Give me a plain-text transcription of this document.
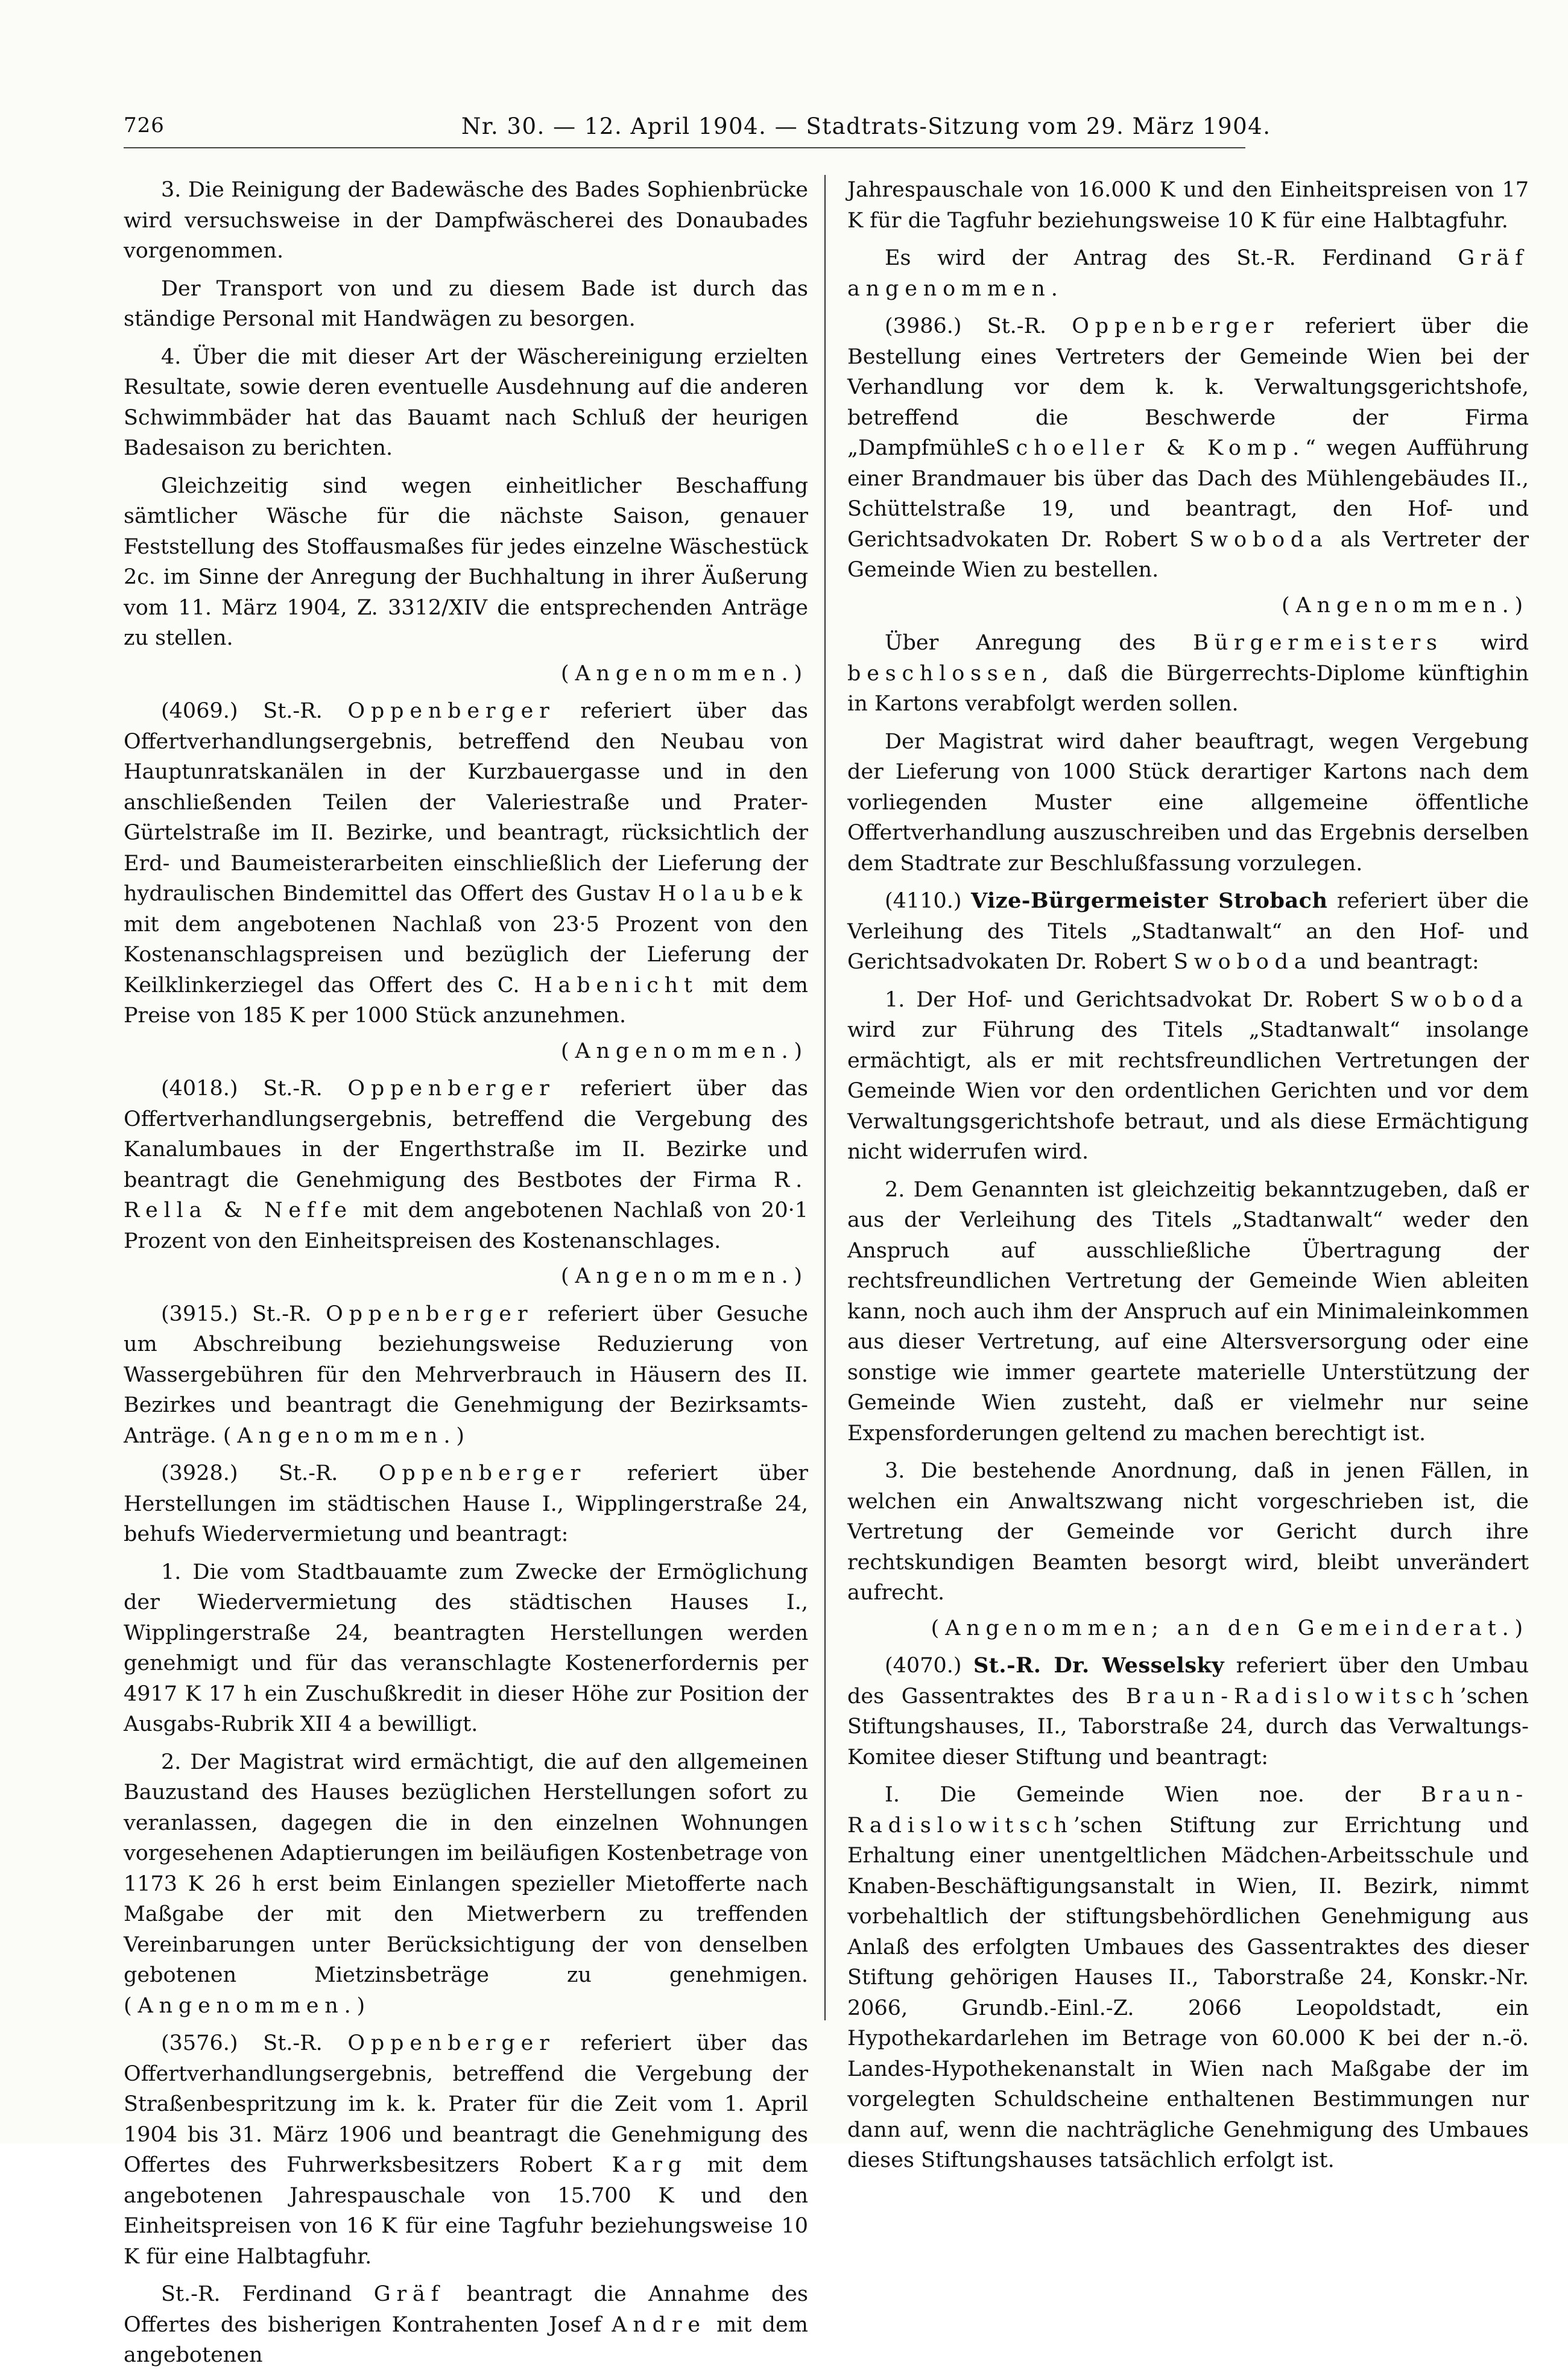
726	Nr. 30. — 12. April 1904. — Stadtrats-Sitzung vom 29. März 1904.

3. Die Reinigung der Badewäsche des Bades Sophienbrücke wird versuchsweise in der Dampfwäscherei des Donaubades vorgenommen.

Der Transport von und zu diesem Bade ist durch das ständige Personal mit Handwägen zu besorgen.

4. Über die mit dieser Art der Wäschereinigung erzielten Resultate, sowie deren eventuelle Ausdehnung auf die anderen Schwimmbäder hat das Bauamt nach Schluß der heurigen Badesaison zu berichten.

Gleichzeitig sind wegen einheitlicher Beschaffung sämtlicher Wäsche für die nächste Saison, genauer Feststellung des Stoffausmaßes für jedes einzelne Wäschestück 2c. im Sinne der Anregung der Buchhaltung in ihrer Äußerung vom 11. März 1904, Z. 3312/XIV die entsprechenden Anträge zu stellen.

(Angenommen.)

(4069.) St.-R. Oppenberger referiert über das Offertverhandlungsergebnis, betreffend den Neubau von Hauptunratskanälen in der Kurzbauergasse und in den anschließenden Teilen der Valeriestraße und Prater-Gürtelstraße im II. Bezirke, und beantragt, rücksichtlich der Erd- und Baumeisterarbeiten einschließlich der Lieferung der hydraulischen Bindemittel das Offert des Gustav Holaubek mit dem angebotenen Nachlaß von 23·5 Prozent von den Kostenanschlagspreisen und bezüglich der Lieferung der Keilklinkerziegel das Offert des C. Habenicht mit dem Preise von 185 K per 1000 Stück anzunehmen.

(Angenommen.)

(4018.) St.-R. Oppenberger referiert über das Offertverhandlungsergebnis, betreffend die Vergebung des Kanalumbaues in der Engerthstraße im II. Bezirke und beantragt die Genehmigung des Bestbotes der Firma R. Rella & Neffe mit dem angebotenen Nachlaß von 20·1 Prozent von den Einheitspreisen des Kostenanschlages.

(Angenommen.)

(3915.) St.-R. Oppenberger referiert über Gesuche um Abschreibung beziehungsweise Reduzierung von Wassergebühren für den Mehrverbrauch in Häusern des II. Bezirkes und beantragt die Genehmigung der Bezirksamts-Anträge. (Angenommen.)

(3928.) St.-R. Oppenberger referiert über Herstellungen im städtischen Hause I., Wipplingerstraße 24, behufs Wiedervermietung und beantragt:

1. Die vom Stadtbauamte zum Zwecke der Ermöglichung der Wiedervermietung des städtischen Hauses I., Wipplingerstraße 24, beantragten Herstellungen werden genehmigt und für das veranschlagte Kostenerfordernis per 4917 K 17 h ein Zuschußkredit in dieser Höhe zur Position der Ausgabs-Rubrik XII 4 a bewilligt.

2. Der Magistrat wird ermächtigt, die auf den allgemeinen Bauzustand des Hauses bezüglichen Herstellungen sofort zu veranlassen, dagegen die in den einzelnen Wohnungen vorgesehenen Adaptierungen im beiläufigen Kostenbetrage von 1173 K 26 h erst beim Einlangen spezieller Mietofferte nach Maßgabe der mit den Mietwerbern zu treffenden Vereinbarungen unter Berücksichtigung der von denselben gebotenen Mietzinsbeträge zu genehmigen. (Angenommen.)

(3576.) St.-R. Oppenberger referiert über das Offertverhandlungsergebnis, betreffend die Vergebung der Straßenbespritzung im k. k. Prater für die Zeit vom 1. April 1904 bis 31. März 1906 und beantragt die Genehmigung des Offertes des Fuhrwerksbesitzers Robert Karg mit dem angebotenen Jahrespauschale von 15.700 K und den Einheitspreisen von 16 K für eine Tagfuhr beziehungsweise 10 K für eine Halbtagfuhr.

St.-R. Ferdinand Gräf beantragt die Annahme des Offertes des bisherigen Kontrahenten Josef Andre mit dem angebotenen

Jahrespauschale von 16.000 K und den Einheitspreisen von 17 K für die Tagfuhr beziehungsweise 10 K für eine Halbtagfuhr.

Es wird der Antrag des St.-R. Ferdinand Gräf angenommen.

(3986.) St.-R. Oppenberger referiert über die Bestellung eines Vertreters der Gemeinde Wien bei der Verhandlung vor dem k. k. Verwaltungsgerichtshofe, betreffend die Beschwerde der Firma „DampfmühleSchoeller & Komp.“ wegen Aufführung einer Brandmauer bis über das Dach des Mühlengebäudes II., Schüttelstraße 19, und beantragt, den Hof- und Gerichtsadvokaten Dr. Robert Swoboda als Vertreter der Gemeinde Wien zu bestellen.

(Angenommen.)

Über Anregung des Bürgermeisters wird beschlossen, daß die Bürgerrechts-Diplome künftighin in Kartons verabfolgt werden sollen.

Der Magistrat wird daher beauftragt, wegen Vergebung der Lieferung von 1000 Stück derartiger Kartons nach dem vorliegenden Muster eine allgemeine öffentliche Offertverhandlung auszuschreiben und das Ergebnis derselben dem Stadtrate zur Beschlußfassung vorzulegen.

(4110.) Vize-Bürgermeister Strobach referiert über die Verleihung des Titels „Stadtanwalt“ an den Hof- und Gerichtsadvokaten Dr. Robert Swoboda und beantragt:

1. Der Hof- und Gerichtsadvokat Dr. Robert Swoboda wird zur Führung des Titels „Stadtanwalt“ insolange ermächtigt, als er mit rechtsfreundlichen Vertretungen der Gemeinde Wien vor den ordentlichen Gerichten und vor dem Verwaltungsgerichtshofe betraut, und als diese Ermächtigung nicht widerrufen wird.

2. Dem Genannten ist gleichzeitig bekanntzugeben, daß er aus der Verleihung des Titels „Stadtanwalt“ weder den Anspruch auf ausschließliche Übertragung der rechtsfreundlichen Vertretung der Gemeinde Wien ableiten kann, noch auch ihm der Anspruch auf ein Minimaleinkommen aus dieser Vertretung, auf eine Altersversorgung oder eine sonstige wie immer geartete materielle Unterstützung der Gemeinde Wien zusteht, daß er vielmehr nur seine Expensforderungen geltend zu machen berechtigt ist.

3. Die bestehende Anordnung, daß in jenen Fällen, in welchen ein Anwaltszwang nicht vorgeschrieben ist, die Vertretung der Gemeinde vor Gericht durch ihre rechtskundigen Beamten besorgt wird, bleibt unverändert aufrecht.

(Angenommen; an den Gemeinderat.)

(4070.) St.-R. Dr. Wesselsky referiert über den Umbau des Gassentraktes des Braun-Radislowitsch’schen Stiftungshauses, II., Taborstraße 24, durch das Verwaltungs-Komitee dieser Stiftung und beantragt:

I. Die Gemeinde Wien noe. der Braun-Radislowitsch’schen Stiftung zur Errichtung und Erhaltung einer unentgeltlichen Mädchen-Arbeitsschule und Knaben-Beschäftigungsanstalt in Wien, II. Bezirk, nimmt vorbehaltlich der stiftungsbehördlichen Genehmigung aus Anlaß des erfolgten Umbaues des Gassentraktes des dieser Stiftung gehörigen Hauses II., Taborstraße 24, Konskr.-Nr. 2066, Grundb.-Einl.-Z. 2066 Leopoldstadt, ein Hypothekardarlehen im Betrage von 60.000 K bei der n.-ö. Landes-Hypothekenanstalt in Wien nach Maßgabe der im vorgelegten Schuldscheine enthaltenen Bestimmungen nur dann auf, wenn die nachträgliche Genehmigung des Umbaues dieses Stiftungshauses tatsächlich erfolgt ist.
